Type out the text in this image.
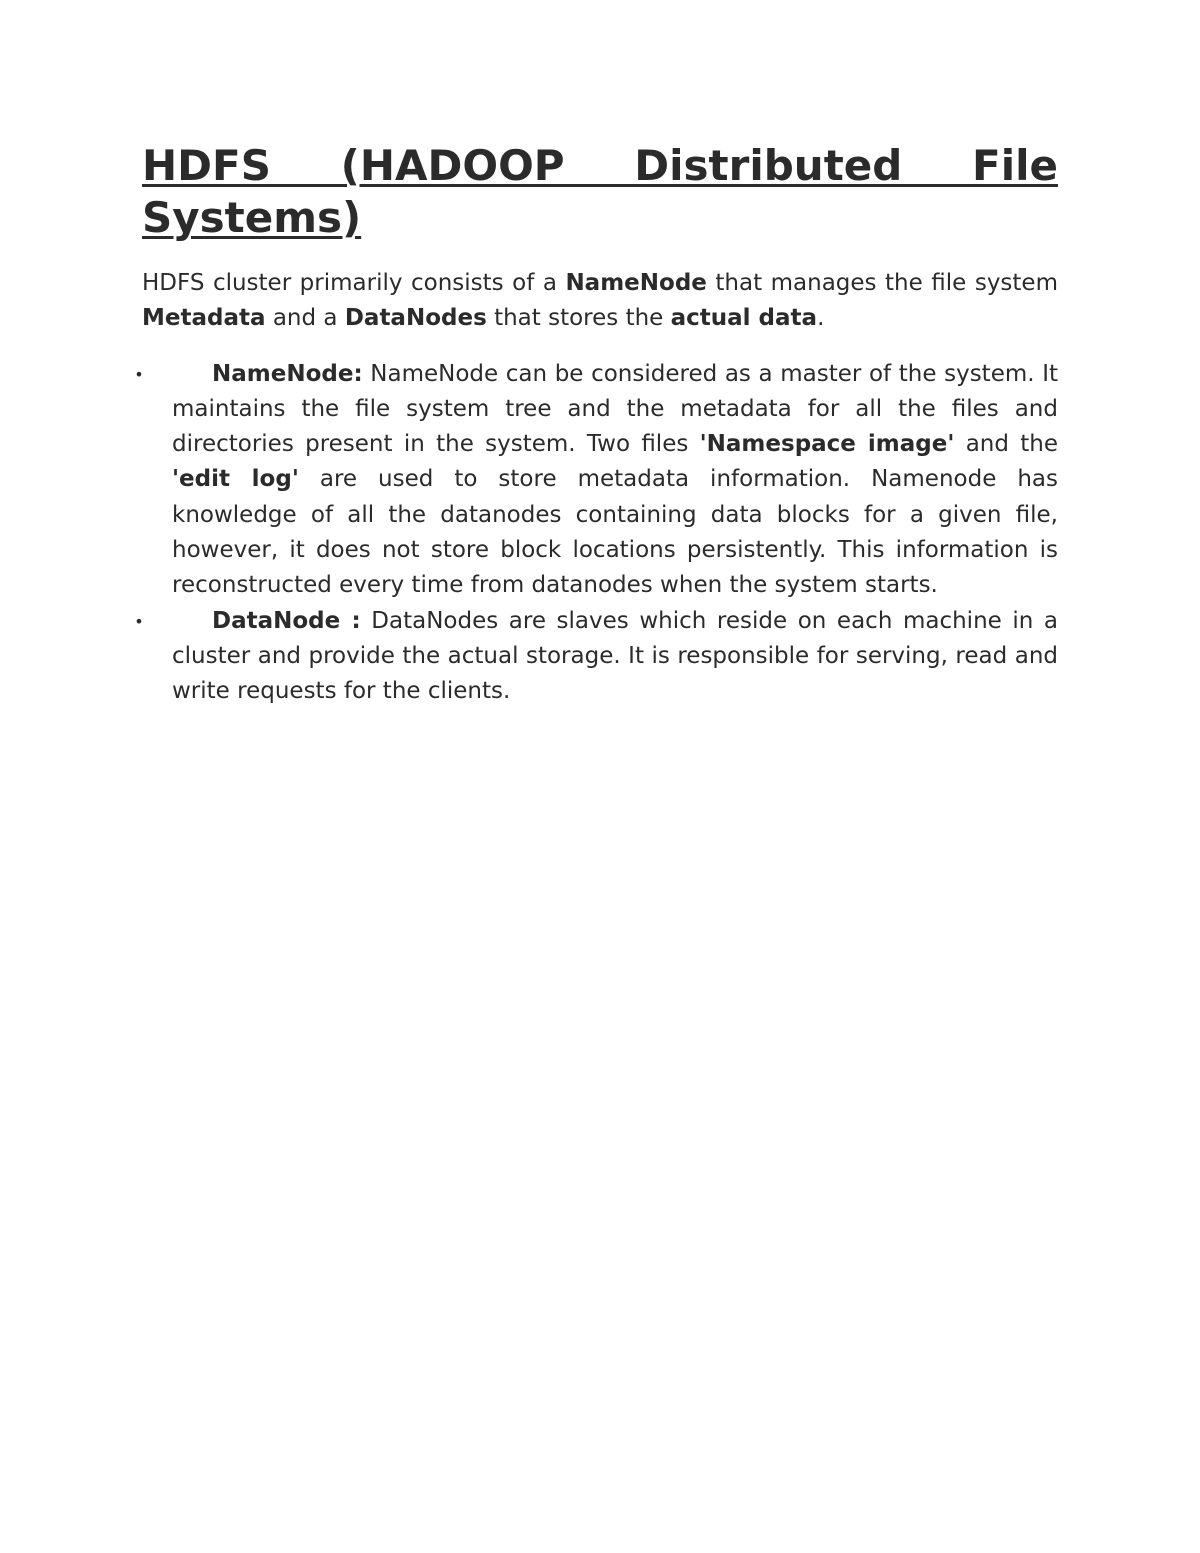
HDFS (HADOOP Distributed File Systems)

HDFS cluster primarily consists of a NameNode that manages the file system Metadata and a DataNodes that stores the actual data.

•	NameNode: NameNode can be considered as a master of the system. It maintains the file system tree and the metadata for all the files and directories present in the system. Two files 'Namespace image' and the 'edit log' are used to store metadata information. Namenode has knowledge of all the datanodes containing data blocks for a given file, however, it does not store block locations persistently. This information is reconstructed every time from datanodes when the system starts.
•	DataNode : DataNodes are slaves which reside on each machine in a cluster and provide the actual storage. It is responsible for serving, read and write requests for the clients.
